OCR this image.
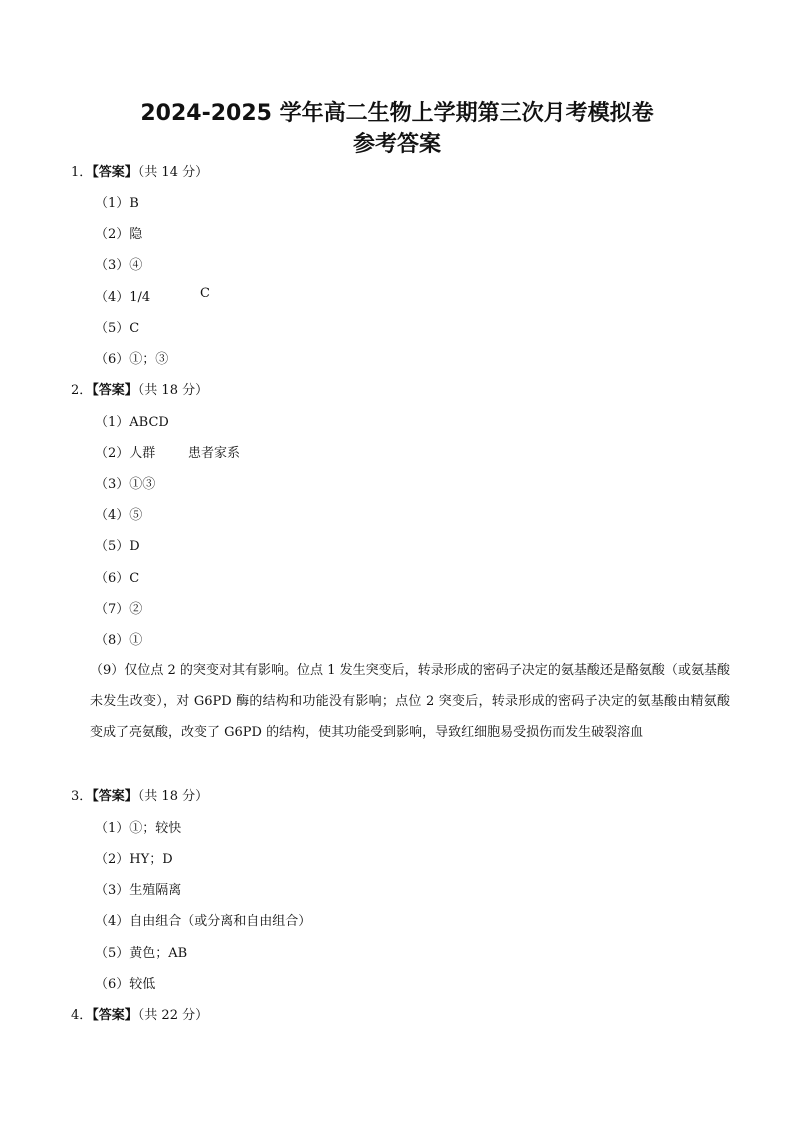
2024-2025 学年高二生物上学期第三次月考模拟卷
参考答案
1．【答案】（共 14 分）
（1）B
（2）隐
（3）④
（4）1/4	C
（5）C
（6）①；③
2．【答案】（共 18 分）
（1）ABCD
（2）人群	患者家系
（3）①③
（4）⑤
（5）D
（6）C
（7）②
（8）①
（9）仅位点 2 的突变对其有影响。位点 1 发生突变后，转录形成的密码子决定的氨基酸还是酪氨酸（或氨基酸未发生改变），对 G6PD 酶的结构和功能没有影响；点位 2 突变后，转录形成的密码子决定的氨基酸由精氨酸变成了亮氨酸，改变了 G6PD 的结构，使其功能受到影响，导致红细胞易受损伤而发生破裂溶血
3．【答案】（共 18 分）
（1）①；较快
（2）HY；D
（3）生殖隔离
（4）自由组合（或分离和自由组合）
（5）黄色；AB
（6）较低
4．【答案】（共 22 分）
